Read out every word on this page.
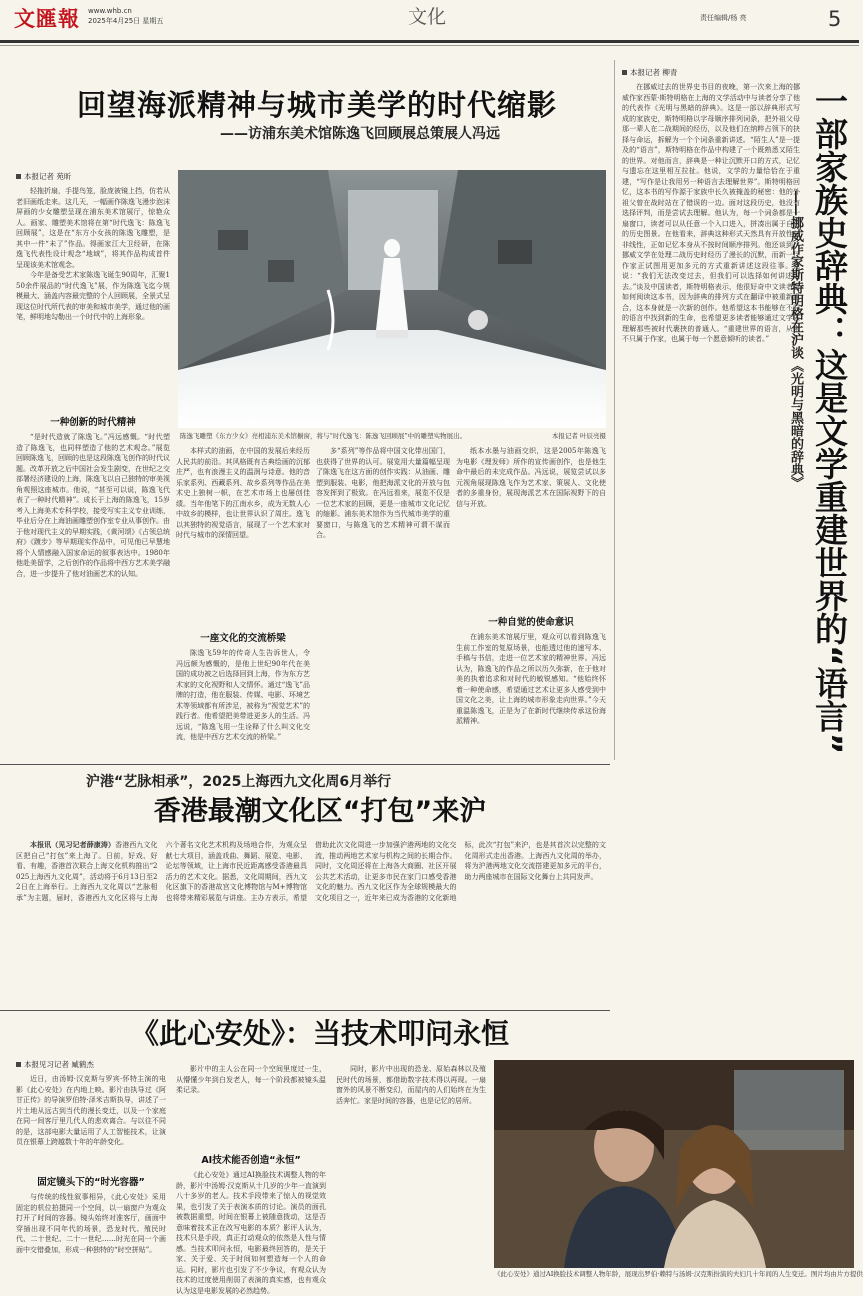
文匯報 www.whb.cn
2025年4月25日 星期五	文化	责任编辑/杨 亮	5
回望海派精神与城市美学的时代缩影
——访浦东美术馆陈逸飞回顾展总策展人冯远
本报记者 苑昕

轻拖折扇，手提鸟笼，脸庞被镜上挡，仿若从老旧画纸走来。这几天，一幅画作陈逸飞漫步泡沫屏画的少女雕塑呈现在浦东美术馆展厅，惊艳众人。画家、雕塑美术馆将在第“时代逸飞：陈逸飞回顾展”，这是在“东方小女孩的陈逸飞雕塑，是其中一件“未了”作品。得画家江大卫经研，在陈逸飞代表性设计观念“地域”，将其作品构成首件呈现该美术馆观念。

今年是备受艺术家陈逸飞诞生90周年，汇聚150余件展品的“时代逸飞”展，作为陈逸飞迄今规模最大、涵盖内容最完整的个人回顾展，全景式呈现这位时代所代表的审美和城市美学，通过他的画笔，鲜明地勾勒出一个时代中的上海形象。

陈逸飞雕塑《东方少女》亮相浦东美术馆橱窗，将与“时代逸飞：陈逸飞回顾展”中的雕塑实物展出。	本报记者 叶辰亮摄
一种创新的时代精神

“是时代造就了陈逸飞。”冯远感慨。“时代塑造了陈逸飞，也同样塑造了他的艺术观念。”展览回顾陈逸飞，回顾的也是这段陈逸飞创作的时代议题。改革开放之后中国社会发生剧变，在世纪之交部署经济建设的上海，陈逸飞以自己独特的审美视角观照这座城市。他说，“甚至可以说，陈逸飞代表了一种时代精神”。成长于上海的陈逸飞，15岁考入上海美术专科学校，接受写实主义专业训练，毕业后分在上海油画雕塑创作室专业从事创作。由于他对现代主义的早期实践，《黄河颂》《占领总统府》《踱步》等早期现实作品中，可见他已早慧地将个人情感融入国家命运的叙事表达中。1980年他赴美留学，之后创作的作品将中西方艺术美学融合，进一步提升了他对油画艺术的认知。

本样式的油画，在中国的发展后来经历人民共的前沿。其风格既有古典绘画的沉郁庄严，也有浪漫主义的温润与诗意。他的音乐家系列、西藏系列、故乡系列等作品在美术史上独树一帜，在艺术市场上也屡创佳绩。当年他笔下的江南水乡，成为无数人心中故乡的模样，也让世界认识了周庄。逸飞以其独特的视觉语言，展现了一个艺术家对时代与城市的深情回望。

一座文化的交流桥梁

陈逸飞59年的传奇人生告诉世人，令冯远颇为感慨的，是他上世纪90年代在美国的成功被之后选择回到上海，作为东方艺术家的文化视野和人文情怀。通过“逸飞”品牌的打造，他在服装、传媒、电影、环境艺术等领域都有所涉足，被称为“视觉艺术”的践行者。他希望把美带进更多人的生活。冯远说，“陈逸飞用一生诠释了什么叫文化交流，他是中西方艺术交流的桥梁。”

多“系列”等作品将中国文化带出国门，也获得了世界的认可。展览用大量篇幅呈现了陈逸飞在这方面的创作实践：从油画、雕塑到服装、电影，他把海派文化的开放与包容发挥到了极致。在冯远看来，展览不仅是一位艺术家的回顾，更是一座城市文化记忆的缩影。浦东美术馆作为当代城市美学的重要窗口，与陈逸飞的艺术精神可谓不谋而合。

纸本水墨与油画交织，这是2005年陈逸飞为电影《理发师》所作的宣传画创作，也是他生命中最后的未完成作品。冯远说，展览尝试以多元视角展现陈逸飞作为艺术家、策展人、文化使者的多重身份，展现海派艺术在国际视野下的自信与开放。

一种自觉的使命意识

在浦东美术馆展厅里，观众可以看到陈逸飞生前工作室的复原场景，也能透过他的速写本、手稿与书信，走进一位艺术家的精神世界。冯远认为，陈逸飞的作品之所以历久弥新，在于他对美的执着追求和对时代的敏锐感知。“他始终怀着一种使命感，希望通过艺术让更多人感受到中国文化之美，让上海的城市形象走向世界。”今天重温陈逸飞，正是为了在新时代继续传承这份海派精神。

本报记者 柳青

在挪威过去的世界史书目的夜晚，第一次来上海的挪威作家西蒙·斯特明格在上海的文学活动中与读者分享了他的代表作《光明与黑暗的辞典》。这是一部以辞典形式写成的家族史，斯特明格以字母顺序排列词条，把外祖父母那一辈人在二战期间的经历，以及他们在纳粹占领下的抉择与命运，拆解为一个个词条重新讲述。“陌生人”是一提及的“语言”，斯特明格在作品中构建了一个既熟悉又陌生的世界。对他而言，辞典是一种让沉默开口的方式，记忆与遗忘在这里相互拉扯。他说，文学的力量恰恰在于重建，“写作是让我用另一种语言去理解世界”。斯特明格回忆，这本书的写作源于家族中长久被掩盖的秘密：他的外祖父曾在战时站在了错误的一边。面对这段历史，他没有选择评判，而是尝试去理解。他认为，每一个词条都是一扇窗口，读者可以从任意一个入口进入，拼凑出属于自己的历史图景。在他看来，辞典这种形式天然具有开放性与非线性，正如记忆本身从不按时间顺序排列。他还谈到，挪威文学在处理二战历史时经历了漫长的沉默，而新一代作家正试图用更加多元的方式重新讲述这段往事。他说：“我们无法改变过去，但我们可以选择如何讲述过去。”谈及中国读者，斯特明格表示，他很好奇中文读者会如何阅读这本书，因为辞典的排列方式在翻译中被重新组合，这本身就是一次新的创作。他希望这本书能够在不同的语言中找到新的生命，也希望更多读者能够通过文学去理解那些被时代裹挟的普通人。“重建世界的语言，从来不只属于作家，也属于每一个愿意倾听的读者。”	一部家族史辞典：这是文学重建世界的“语言”
——挪威作家斯特明格在沪谈《光明与黑暗的辞典》
沪港“艺脉相承”，2025上海西九文化周6月举行
香港最潮文化区“打包”来沪

本报讯（见习记者薛康涛）香港西九文化区把自己“打包”来上海了。日前，好戏、好看、有趣，香港首次联合上海文化机构推出“2025上海西九文化周”，活动将于6月13日至22日在上海举行。上海西九文化周以“艺脉相承”为主题，届时，香港西九文化区将与上海六个著名文化艺术机构及场地合作，为观众呈献七大项目，涵盖戏曲、舞蹈、展览、电影、论坛等领域，让上海市民近距离感受香港最具活力的艺术文化。据悉，文化周期间，西九文化区旗下的香港故宫文化博物馆与M+博物馆也将带来精彩展览与讲座。主办方表示，希望借助此次文化周进一步加强沪港两地的文化交流，推动两地艺术家与机构之间的长期合作。同时，文化周还将在上海各大商圈、社区开展公共艺术活动，让更多市民在家门口感受香港文化的魅力。西九文化区作为全球规模最大的文化项目之一，近年来已成为香港的文化新地标，此次“打包”来沪，也是其首次以完整的文化周形式走出香港。上海西九文化周的举办，将为沪港两地文化交流搭建更加多元的平台，助力两座城市在国际文化舞台上共同发声。

《此心安处》：当技术叩问永恒
本报见习记者 臧鹤杰

近日，由汤姆·汉克斯与罗宾·怀特主演的电影《此心安处》在内地上映。影片由执导过《阿甘正传》的导演罗伯特·泽米吉斯执导，讲述了一片土地从远古到当代的漫长变迁，以及一个家庭在同一间客厅里几代人的悲欢离合。与以往不同的是，这部电影大量运用了人工智能技术，让演员在银幕上跨越数十年的年龄变化。

固定镜头下的“时光容器”

与传统的线性叙事相异，《此心安处》采用固定的机位拍摄同一个空间，以一扇窗户为观众打开了时间的容器。镜头始终对准客厅，画面中穿插出现不同年代的场景，恐龙时代、殖民时代、二十世纪、二十一世纪……时光在同一个画面中交错叠加，形成一种独特的“时空拼贴”。

AI技术能否创造“永恒”

影片中的主人公在同一个空间里度过一生，从懵懂少年到白发老人，每一个阶段都被镜头温柔记录。

《此心安处》通过AI换脸技术调整人物的年龄，影片中汤姆·汉克斯从十几岁的少年一直演到八十多岁的老人。技术手段带来了惊人的视觉效果，也引发了关于表演本质的讨论。演员的面孔被数据重塑，时间在银幕上被随意拨动，这是否意味着技术正在改写电影的本质？影评人认为，技术只是手段，真正打动观众的依然是人性与情感。当技术叩问永恒，电影最终回答的，是关于家、关于爱、关于时间如何塑造每一个人的命运。同时，影片也引发了不少争议，有观众认为技术的过度使用削弱了表演的真实感，也有观众认为这是电影发展的必然趋势。

同时，影片中出现的恐龙、原始森林以及殖民时代的场景，都借助数字技术得以再现。一扇窗外的风景不断变幻，而屋内的人们始终在为生活奔忙。家是时间的容器，也是记忆的居所。

《此心安处》通过AI换脸技术调整人物年龄，展现出罗伯·赖特与汤姆·汉克斯扮演的夫妇几十年间的人生变迁。图片均由片方提供
